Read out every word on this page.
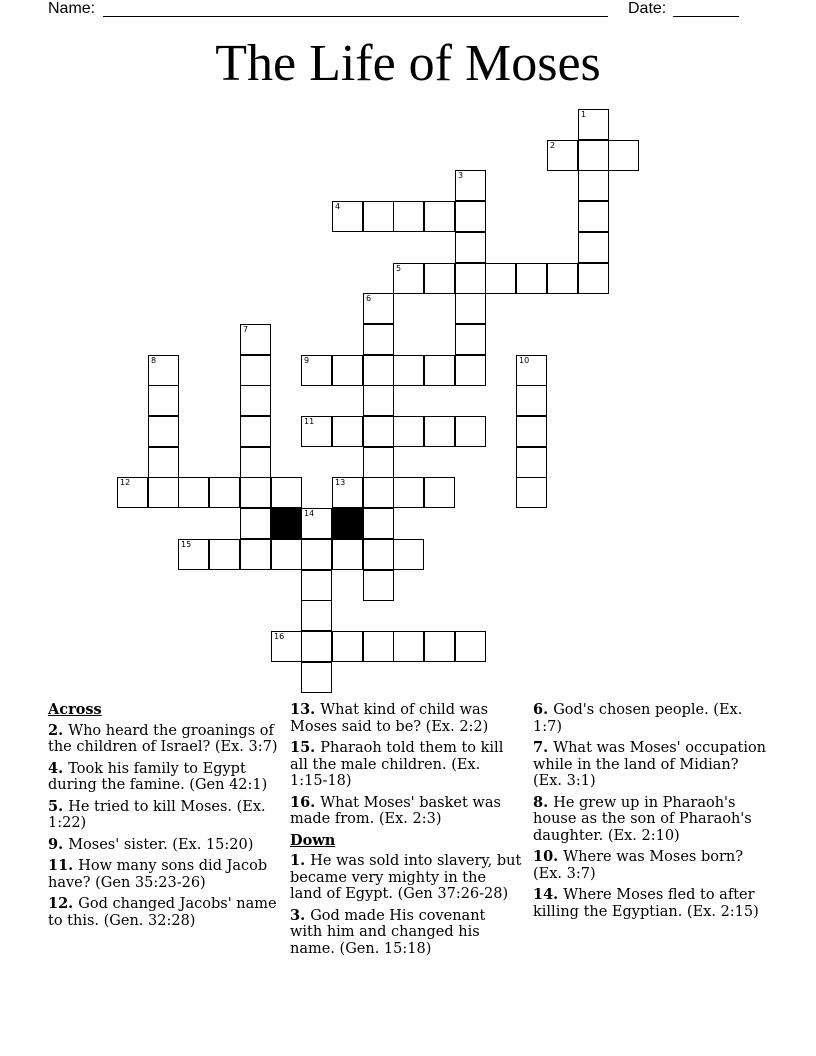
Name:	Date:
The Life of Moses
1
2
3
4
5
6
7
8	9	10
11
12	13
14
15
16
Across
2. Who heard the groanings of the children of Israel? (Ex. 3:7)
4. Took his family to Egypt during the famine. (Gen 42:1)
5. He tried to kill Moses. (Ex. 1:22)
9. Moses' sister. (Ex. 15:20)
11. How many sons did Jacob have? (Gen 35:23-26)
12. God changed Jacobs' name to this. (Gen. 32:28)
13. What kind of child was Moses said to be? (Ex. 2:2)
15. Pharaoh told them to kill all the male children. (Ex. 1:15-18)
16. What Moses' basket was made from. (Ex. 2:3)
Down
1. He was sold into slavery, but became very mighty in the land of Egypt. (Gen 37:26-28)
3. God made His covenant with him and changed his name. (Gen. 15:18)
6. God's chosen people. (Ex. 1:7)
7. What was Moses' occupation while in the land of Midian? (Ex. 3:1)
8. He grew up in Pharaoh's house as the son of Pharaoh's daughter. (Ex. 2:10)
10. Where was Moses born? (Ex. 3:7)
14. Where Moses fled to after killing the Egyptian. (Ex. 2:15)
